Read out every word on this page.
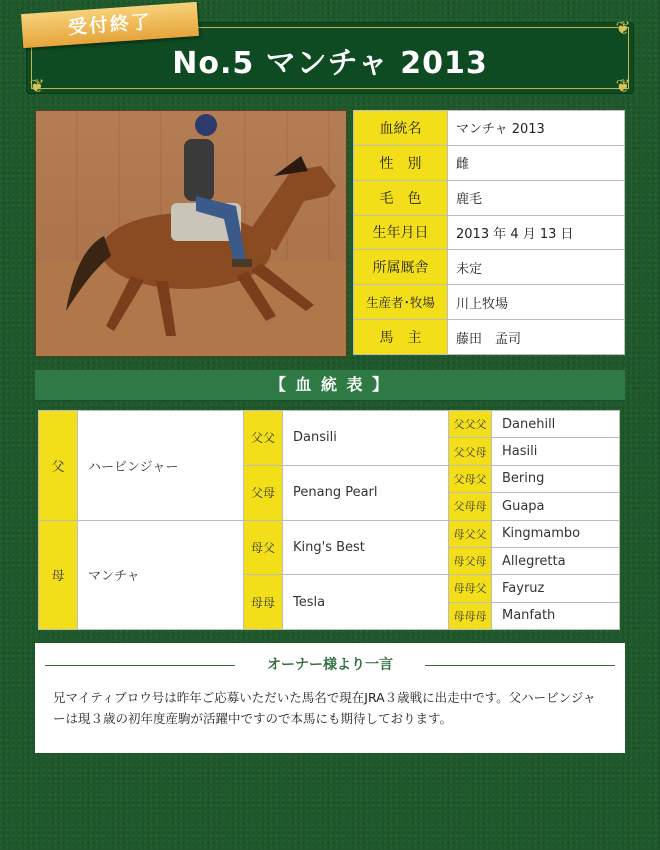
❦
❦	❦
No.5 マンチャ 2013
受付終了
血統名	マンチャ 2013
性　別	雌
毛　色	鹿毛
生年月日	2013 年 4 月 13 日
所属厩舎	未定
生産者･牧場	川上牧場
馬　主	藤田　孟司
【 血 統 表 】
父	ハービンジャー	父父	Dansili	父父父	Danehill
				父父母	Hasili
		父母	Penang Pearl	父母父	Bering
				父母母	Guapa
母	マンチャ	母父	King's Best	母父父	Kingmambo
				母父母	Allegretta
		母母	Tesla	母母父	Fayruz
				母母母	Manfath
オーナー様より一言
兄マイティブロウ号は昨年ご応募いただいた馬名で現在JRA３歳戦に出走中です。父ハービンジャーは現３歳の初年度産駒が活躍中ですので本馬にも期待しております。
